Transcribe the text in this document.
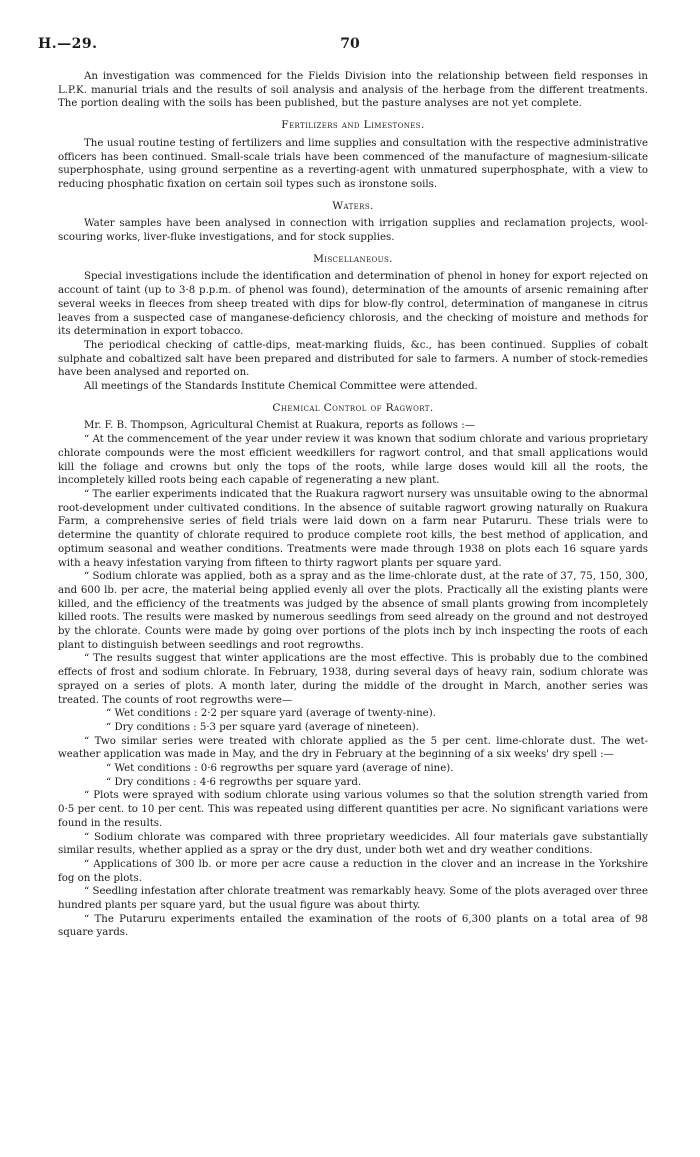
H.—29.	70

An investigation was commenced for the Fields Division into the relationship between field responses in L.P.K. manurial trials and the results of soil analysis and analysis of the herbage from the different treatments. The portion dealing with the soils has been published, but the pasture analyses are not yet complete.

Fertilizers and Limestones.

The usual routine testing of fertilizers and lime supplies and consultation with the respective administrative officers has been continued. Small-scale trials have been commenced of the manufacture of magnesium-silicate superphosphate, using ground serpentine as a reverting-agent with unmatured superphosphate, with a view to reducing phosphatic fixation on certain soil types such as ironstone soils.

Waters.

Water samples have been analysed in connection with irrigation supplies and reclamation projects, wool-scouring works, liver-fluke investigations, and for stock supplies.

Miscellaneous.

Special investigations include the identification and determination of phenol in honey for export rejected on account of taint (up to 3·8 p.p.m. of phenol was found), determination of the amounts of arsenic remaining after several weeks in fleeces from sheep treated with dips for blow-fly control, determination of manganese in citrus leaves from a suspected case of manganese-deficiency chlorosis, and the checking of moisture and methods for its determination in export tobacco.

The periodical checking of cattle-dips, meat-marking fluids, &c., has been continued. Supplies of cobalt sulphate and cobaltized salt have been prepared and distributed for sale to farmers. A number of stock-remedies have been analysed and reported on.

All meetings of the Standards Institute Chemical Committee were attended.

Chemical Control of Ragwort.

Mr. F. B. Thompson, Agricultural Chemist at Ruakura, reports as follows :—

“ At the commencement of the year under review it was known that sodium chlorate and various proprietary chlorate compounds were the most efficient weedkillers for ragwort control, and that small applications would kill the foliage and crowns but only the tops of the roots, while large doses would kill all the roots, the incompletely killed roots being each capable of regenerating a new plant.

“ The earlier experiments indicated that the Ruakura ragwort nursery was unsuitable owing to the abnormal root-development under cultivated conditions. In the absence of suitable ragwort growing naturally on Ruakura Farm, a comprehensive series of field trials were laid down on a farm near Putaruru. These trials were to determine the quantity of chlorate required to produce complete root kills, the best method of application, and optimum seasonal and weather conditions. Treatments were made through 1938 on plots each 16 square yards with a heavy infestation varying from fifteen to thirty ragwort plants per square yard.

“ Sodium chlorate was applied, both as a spray and as the lime-chlorate dust, at the rate of 37, 75, 150, 300, and 600 lb. per acre, the material being applied evenly all over the plots. Practically all the existing plants were killed, and the efficiency of the treatments was judged by the absence of small plants growing from incompletely killed roots. The results were masked by numerous seedlings from seed already on the ground and not destroyed by the chlorate. Counts were made by going over portions of the plots inch by inch inspecting the roots of each plant to distinguish between seedlings and root regrowths.

“ The results suggest that winter applications are the most effective. This is probably due to the combined effects of frost and sodium chlorate. In February, 1938, during several days of heavy rain, sodium chlorate was sprayed on a series of plots. A month later, during the middle of the drought in March, another series was treated. The counts of root regrowths were—

“ Wet conditions : 2·2 per square yard (average of twenty-nine).

“ Dry conditions : 5·3 per square yard (average of nineteen).

“ Two similar series were treated with chlorate applied as the 5 per cent. lime-chlorate dust. The wet-weather application was made in May, and the dry in February at the beginning of a six weeks' dry spell :—

“ Wet conditions : 0·6 regrowths per square yard (average of nine).

“ Dry conditions : 4·6 regrowths per square yard.

“ Plots were sprayed with sodium chlorate using various volumes so that the solution strength varied from 0·5 per cent. to 10 per cent. This was repeated using different quantities per acre. No significant variations were found in the results.

“ Sodium chlorate was compared with three proprietary weedicides. All four materials gave substantially similar results, whether applied as a spray or the dry dust, under both wet and dry weather conditions.

“ Applications of 300 lb. or more per acre cause a reduction in the clover and an increase in the Yorkshire fog on the plots.

“ Seedling infestation after chlorate treatment was remarkably heavy. Some of the plots averaged over three hundred plants per square yard, but the usual figure was about thirty.

“ The Putaruru experiments entailed the examination of the roots of 6,300 plants on a total area of 98 square yards.
